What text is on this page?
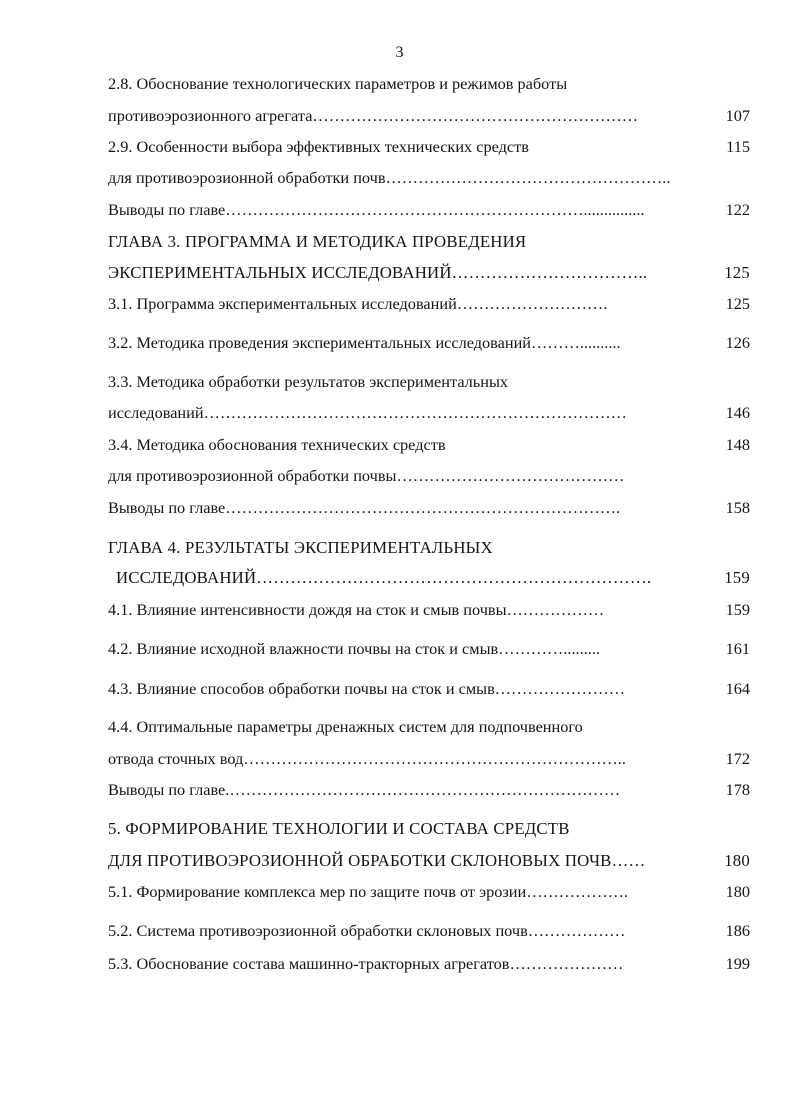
3
2.8. Обоснование технологических параметров и режимов работы
противоэрозионного агрегата……………………………………………………	107
2.9. Особенности выбора эффективных технических средств	115
для противоэрозионной обработки почв……………………………………………..
Выводы по главе…………………………………………………………...............	122
ГЛАВА 3. ПРОГРАММА И МЕТОДИКА ПРОВЕДЕНИЯ
ЭКСПЕРИМЕНТАЛЬНЫХ ИССЛЕДОВАНИЙ……………………………..	125
3.1. Программа экспериментальных исследований……………………….	125
3.2. Методика проведения экспериментальных исследований………..........	126
3.3. Методика обработки результатов экспериментальных
исследований……………………………………………………………………	146
3.4. Методика обоснования технических средств	148
для противоэрозионной обработки почвы……………………………………
Выводы по главе……………………………………………………………….	158
ГЛАВА 4. РЕЗУЛЬТАТЫ ЭКСПЕРИМЕНТАЛЬНЫХ
ИССЛЕДОВАНИЙ…………………………………………………………….	159
4.1. Влияние интенсивности дождя на сток и смыв почвы………………	159
4.2. Влияние исходной влажности почвы на сток и смыв………….........	161
4.3. Влияние способов обработки почвы на сток и смыв……………………	164
4.4. Оптимальные параметры дренажных систем для подпочвенного
отвода сточных вод……………………………………………………………..	172
Выводы по главе.………………………………………………………………	178
5. ФОРМИРОВАНИЕ ТЕХНОЛОГИИ И СОСТАВА СРЕДСТВ
ДЛЯ ПРОТИВОЭРОЗИОННОЙ ОБРАБОТКИ СКЛОНОВЫХ ПОЧВ……	180
5.1. Формирование комплекса мер по защите почв от эрозии……………….	180
5.2. Система противоэрозионной обработки склоновых почв………………	186
5.3. Обоснование состава машинно-тракторных агрегатов…………………	199
